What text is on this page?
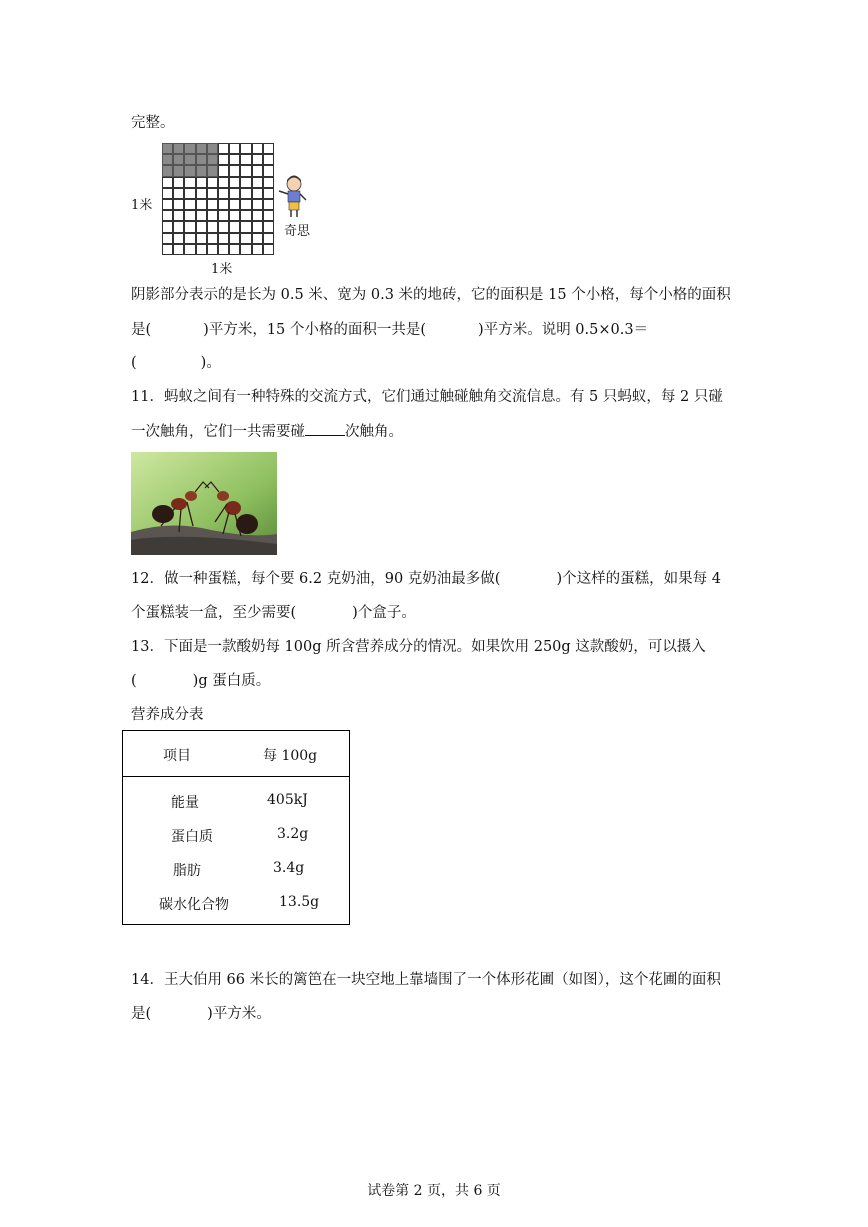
完整。
1米
1米
奇思
阴影部分表示的是长为 0.5 米、宽为 0.3 米的地砖，它的面积是 15 个小格，每个小格的面积
是(	)平方米，15 个小格的面积一共是(	)平方米。说明 0.5×0.3＝
(	)。
11．蚂蚁之间有一种特殊的交流方式，它们通过触碰触角交流信息。有 5 只蚂蚁，每 2 只碰
一次触角，它们一共需要碰	次触角。
12．做一种蛋糕，每个要 6.2 克奶油，90 克奶油最多做(	)个这样的蛋糕，如果每 4
个蛋糕装一盒，至少需要(	)个盒子。
13．下面是一款酸奶每 100g 所含营养成分的情况。如果饮用 250g 这款酸奶，可以摄入
(	)g 蛋白质。
营养成分表
项目	每 100g
能量	405kJ
蛋白质	3.2g
脂肪	3.4g
碳水化合物	13.5g
14．王大伯用 66 米长的篱笆在一块空地上靠墙围了一个体形花圃（如图），这个花圃的面积
是(	)平方米。
试卷第 2 页，共 6 页
